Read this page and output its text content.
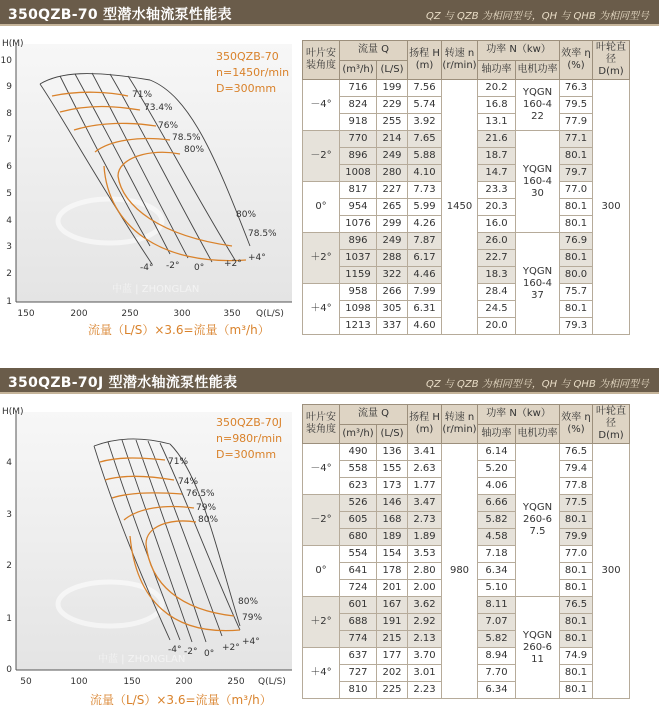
350QZB-70 型潜水轴流泵性能表	QZ 与 QZB 为相同型号，QH 与 QHB 为相同型号
中蓝 | ZHONGLAN
H(M)
Q(L/S)
1
2
3
4
5
6
7
8
9
10
150	200	250	300	350
71%
73.4%
76%
78.5%
80%
80%
78.5%
-4° -2° 0° +2°
+4°
350QZB-70
n=1450r/min
D=300mm
流量（L/S）×3.6=流量（m³/h）
叶片安装角度	流量 Q		扬程 H (m)	转速 n (r/min)	功率 N（kw）		效率 η (%)	叶轮直径 D(m)
	(m³/h)	(L/S)			轴功率	电机功率		
－4°	716	199	7.56	1450	20.2	YQGN 160-4 22	76.3	300
	824	229	5.74		16.8		79.5	
	918	255	3.92		13.1		77.9	
－2°	770	214	7.65		21.6	YQGN 160-4 30	77.1	
	896	249	5.88		18.7		80.1	
	1008	280	4.10		14.7		79.7	
0°	817	227	7.73		23.3		77.0	
	954	265	5.99		20.3		80.1	
	1076	299	4.26		16.0		80.1	
＋2°	896	249	7.87		26.0	YQGN 160-4 37	76.9	
	1037	288	6.17		22.7		80.1	
	1159	322	4.46		18.3		80.0	
＋4°	958	266	7.99		28.4		75.7	
	1098	305	6.31		24.5		80.1	
	1213	337	4.60		20.0		79.3	
350QZB-70J 型潜水轴流泵性能表	QZ 与 QZB 为相同型号，QH 与 QHB 为相同型号
中蓝 | ZHONGLAN
H(M)
Q(L/S)
0
1
2
3
4
50	100	150	200	250
71%
74%
76.5%
79%
80%
80%
79%
-4° -2° 0°
+2°
+4°
350QZB-70J
n=980r/min
D=300mm
流量（L/S）×3.6=流量（m³/h）
叶片安装角度	流量 Q		扬程 H (m)	转速 n (r/min)	功率 N（kw）		效率 η (%)	叶轮直径 D(m)
	(m³/h)	(L/S)			轴功率	电机功率		
－4°	490	136	3.41	980	6.14	YQGN 260-6 7.5	76.5	300
	558	155	2.63		5.20		79.4	
	623	173	1.77		4.06		77.8	
－2°	526	146	3.47		6.66		77.5	
	605	168	2.73		5.82		80.1	
	680	189	1.89		4.58		79.9	
0°	554	154	3.53		7.18		77.0	
	641	178	2.80		6.34		80.1	
	724	201	2.00		5.10		80.1	
＋2°	601	167	3.62		8.11	YQGN 260-6 11	76.5	
	688	191	2.92		7.07		80.1	
	774	215	2.13		5.82		80.1	
＋4°	637	177	3.70		8.94		74.9	
	727	202	3.01		7.70		80.1	
	810	225	2.23		6.34		80.1	
